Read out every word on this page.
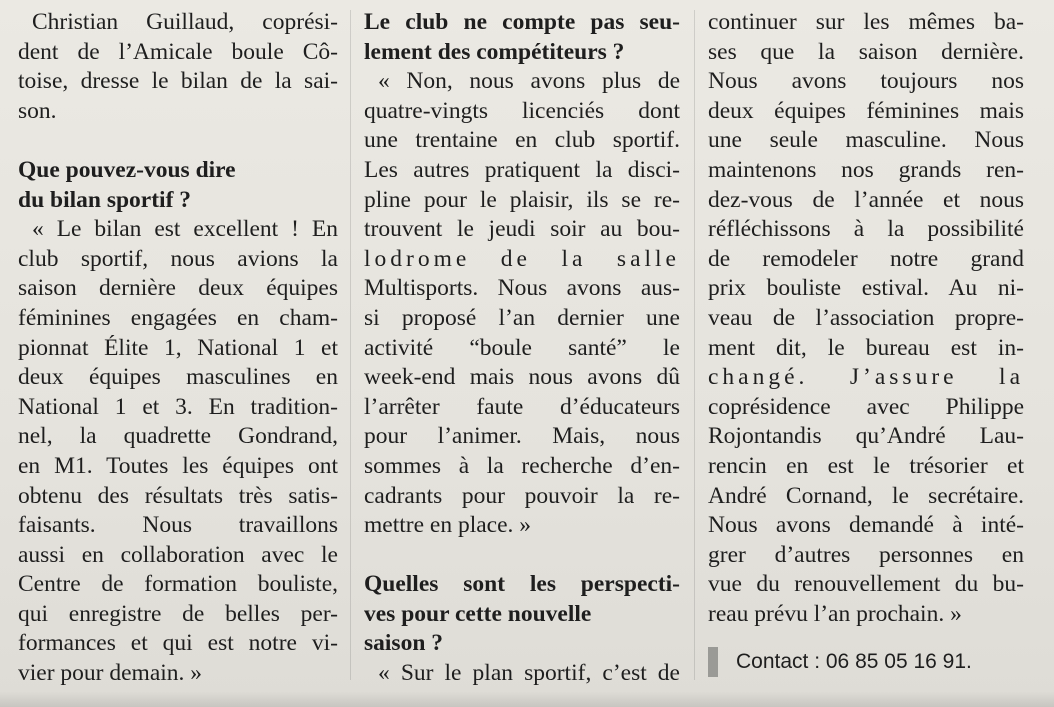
Christian Guillaud, coprési-
dent de l’Amicale boule Cô-
toise, dresse le bilan de la sai-
son.
Que pouvez-vous dire
du bilan sportif ?
« Le bilan est excellent ! En
club sportif, nous avions la
saison dernière deux équipes
féminines engagées en cham-
pionnat Élite 1, National 1 et
deux équipes masculines en
National 1 et 3. En tradition-
nel, la quadrette Gondrand,
en M1. Toutes les équipes ont
obtenu des résultats très satis-
faisants. Nous travaillons
aussi en collaboration avec le
Centre de formation bouliste,
qui enregistre de belles per-
formances et qui est notre vi-
vier pour demain. »
Le club ne compte pas seu-
lement des compétiteurs ?
« Non, nous avons plus de
quatre-vingts licenciés dont
une trentaine en club sportif.
Les autres pratiquent la disci-
pline pour le plaisir, ils se re-
trouvent le jeudi soir au bou-
lodrome de la salle
Multisports. Nous avons aus-
si proposé l’an dernier une
activité “boule santé” le
week-end mais nous avons dû
l’arrêter faute d’éducateurs
pour l’animer. Mais, nous
sommes à la recherche d’en-
cadrants pour pouvoir la re-
mettre en place. »
Quelles sont les perspecti-
ves pour cette nouvelle
saison ?
« Sur le plan sportif, c’est de
continuer sur les mêmes ba-
ses que la saison dernière.
Nous avons toujours nos
deux équipes féminines mais
une seule masculine. Nous
maintenons nos grands ren-
dez-vous de l’année et nous
réfléchissons à la possibilité
de remodeler notre grand
prix bouliste estival. Au ni-
veau de l’association propre-
ment dit, le bureau est in-
changé. J’assure la
coprésidence avec Philippe
Rojontandis qu’André Lau-
rencin en est le trésorier et
André Cornand, le secrétaire.
Nous avons demandé à inté-
grer d’autres personnes en
vue du renouvellement du bu-
reau prévu l’an prochain. »
Contact : 06 85 05 16 91.
